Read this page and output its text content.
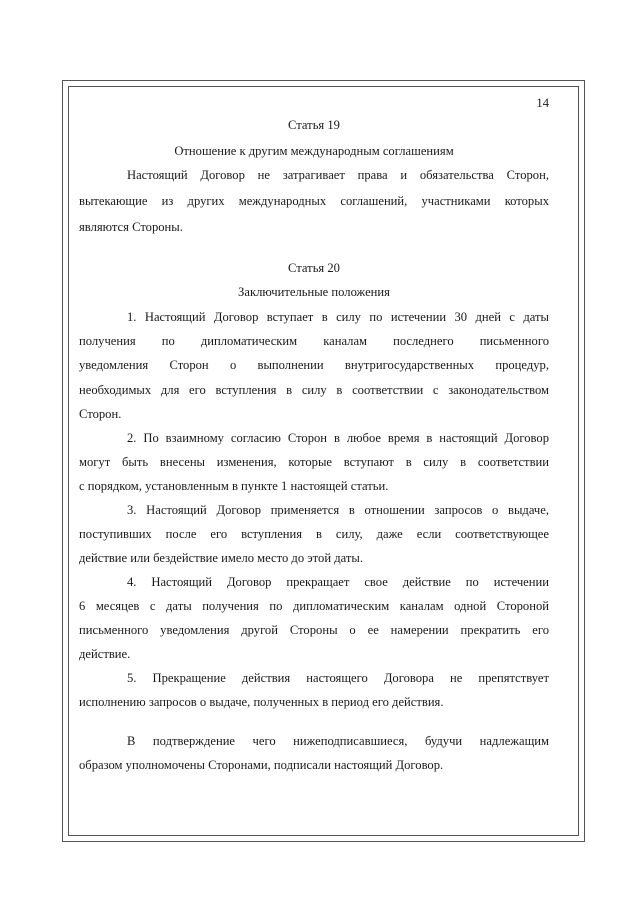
14
Статья 19
Отношение к другим международным соглашениям
Настоящий Договор не затрагивает права и обязательства Сторон,
вытекающие из других международных соглашений, участниками которых
являются Стороны.
Статья 20
Заключительные положения
1. Настоящий Договор вступает в силу по истечении 30 дней с даты
получения по дипломатическим каналам последнего письменного
уведомления Сторон о выполнении внутригосударственных процедур,
необходимых для его вступления в силу в соответствии с законодательством
Сторон.
2. По взаимному согласию Сторон в любое время в настоящий Договор
могут быть внесены изменения, которые вступают в силу в соответствии
с порядком, установленным в пункте 1 настоящей статьи.
3. Настоящий Договор применяется в отношении запросов о выдаче,
поступивших после его вступления в силу, даже если соответствующее
действие или бездействие имело место до этой даты.
4. Настоящий Договор прекращает свое действие по истечении
6 месяцев с даты получения по дипломатическим каналам одной Стороной
письменного уведомления другой Стороны о ее намерении прекратить его
действие.
5. Прекращение действия настоящего Договора не препятствует
исполнению запросов о выдаче, полученных в период его действия.
В подтверждение чего нижеподписавшиеся, будучи надлежащим
образом уполномочены Сторонами, подписали настоящий Договор.
